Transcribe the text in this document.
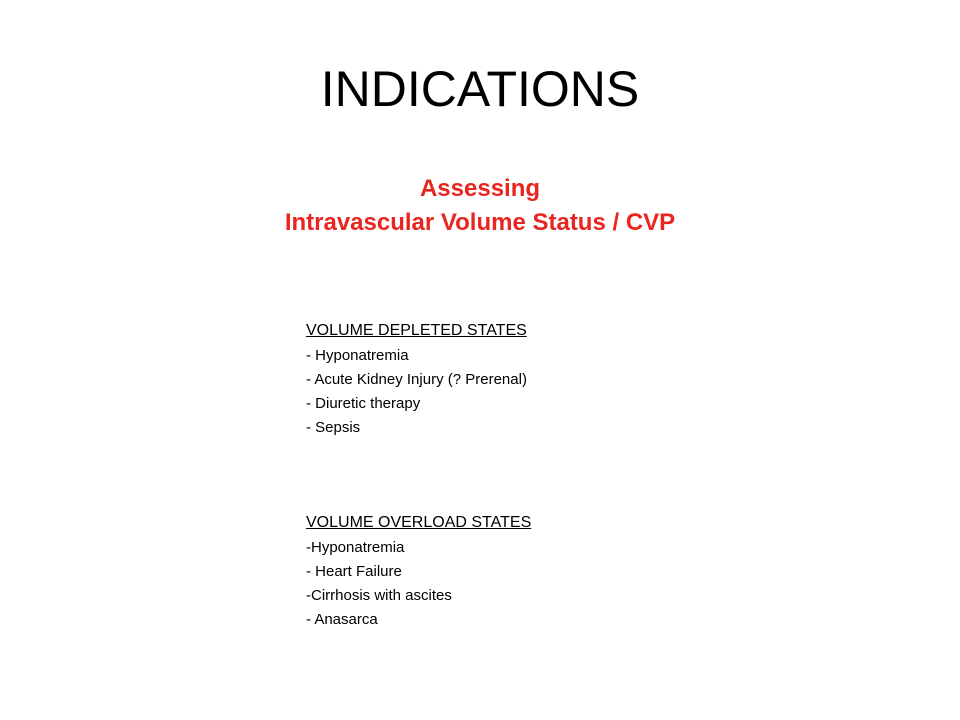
INDICATIONS
Assessing
Intravascular Volume Status / CVP
VOLUME DEPLETED STATES
- Hyponatremia
- Acute Kidney Injury (? Prerenal)
- Diuretic therapy
- Sepsis
VOLUME OVERLOAD STATES
-Hyponatremia
- Heart Failure
-Cirrhosis with ascites
- Anasarca
